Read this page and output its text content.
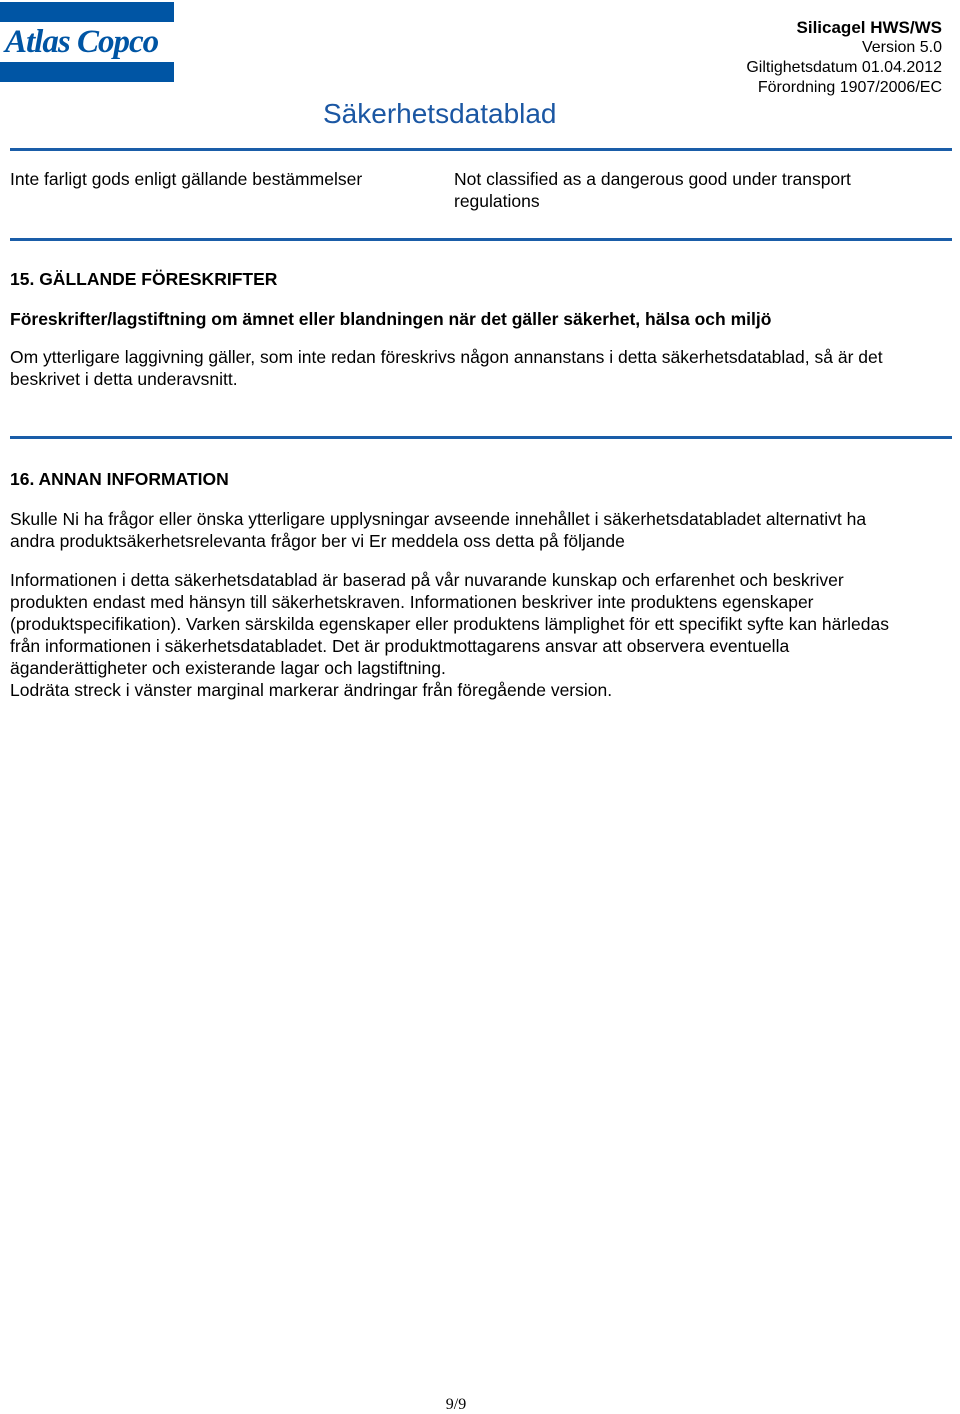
Atlas Copco
Säkerhetsdatablad
Silicagel HWS/WS
Version 5.0
Giltighetsdatum 01.04.2012
Förordning 1907/2006/EC
Inte farligt gods enligt gällande bestämmelser	Not classified as a dangerous good under transport regulations
15. GÄLLANDE FÖRESKRIFTER
Föreskrifter/lagstiftning om ämnet eller blandningen när det gäller säkerhet, hälsa och miljö

Om ytterligare laggivning gäller, som inte redan föreskrivs någon annanstans i detta säkerhetsdatablad, så är det beskrivet i detta underavsnitt.

16. ANNAN INFORMATION

Skulle Ni ha frågor eller önska ytterligare upplysningar avseende innehållet i säkerhetsdatabladet alternativt ha andra produktsäkerhetsrelevanta frågor ber vi Er meddela oss detta på följande

Informationen i detta säkerhetsdatablad är baserad på vår nuvarande kunskap och erfarenhet och beskriver produkten endast med hänsyn till säkerhetskraven. Informationen beskriver inte produktens egenskaper (produktspecifikation). Varken särskilda egenskaper eller produktens lämplighet för ett specifikt syfte kan härledas från informationen i säkerhetsdatabladet. Det är produktmottagarens ansvar att observera eventuella äganderättigheter och existerande lagar och lagstiftning.

Lodräta streck i vänster marginal markerar ändringar från föregående version.

9/9
